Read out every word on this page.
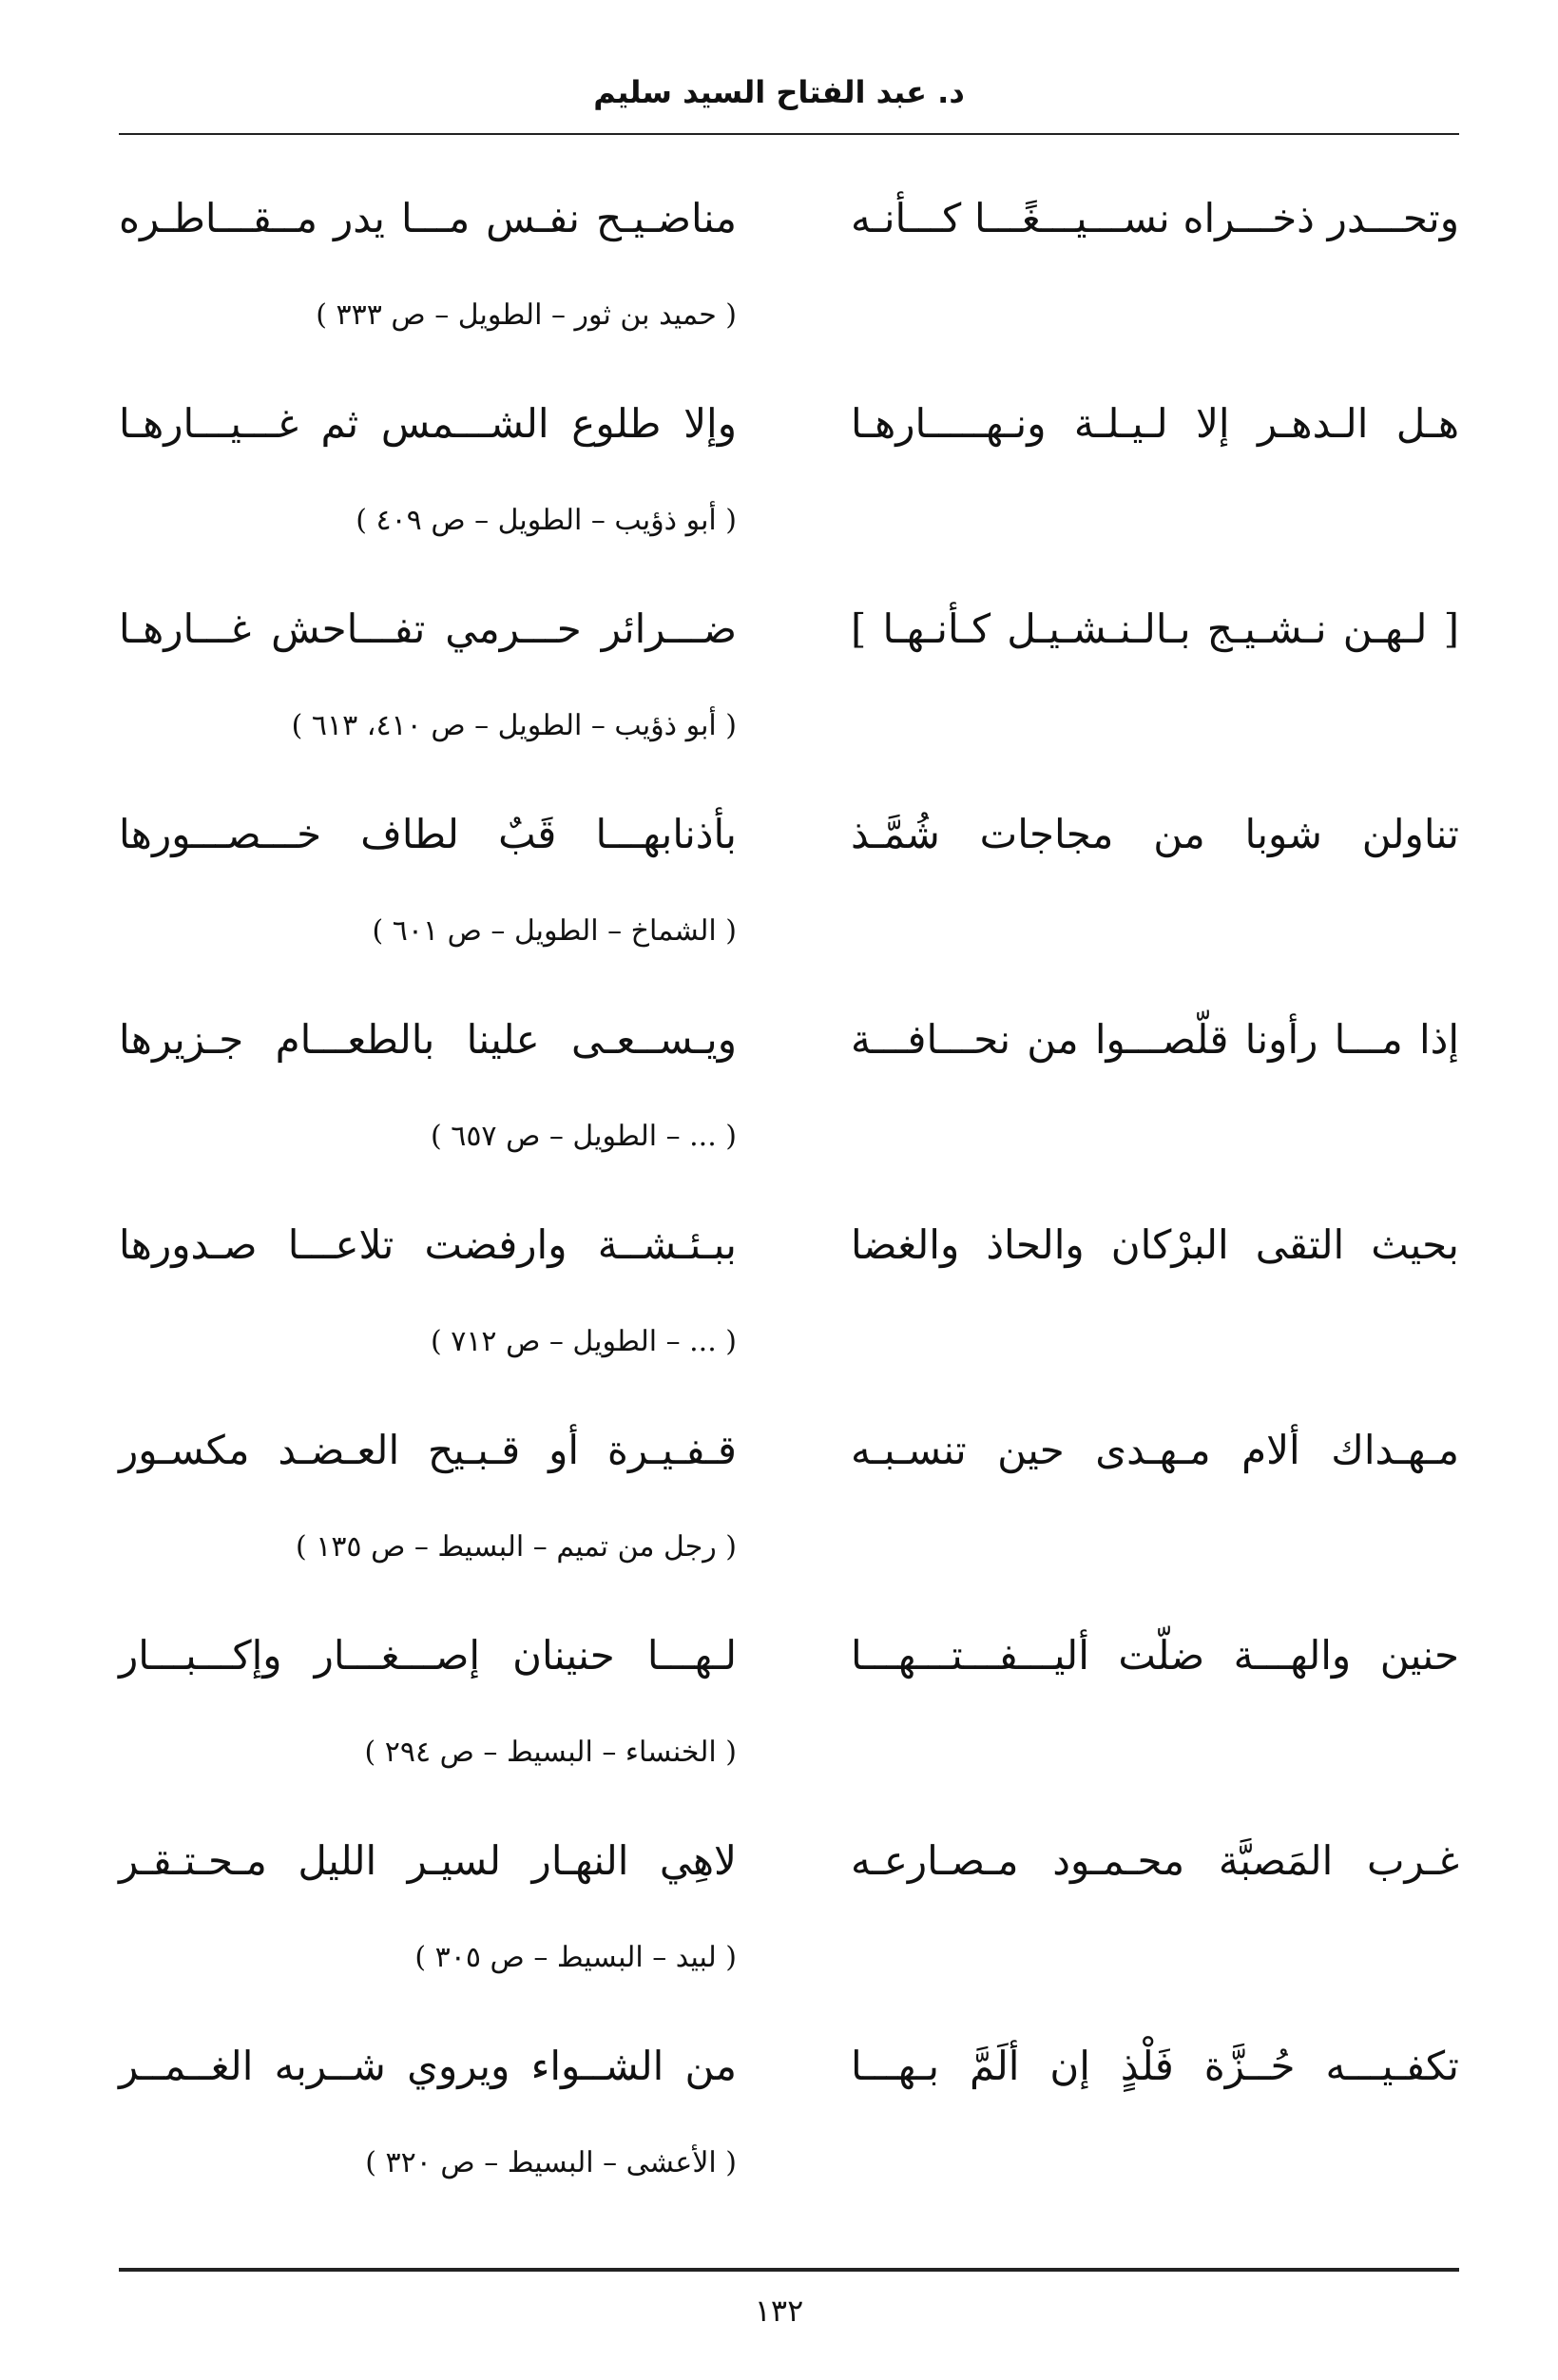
د. عبد الفتاح السيد سليم
وتحـــدر ذخـــراه نســـيـــغًـــا كـــأنـه
مناضـيـح نفـس مـــا يدر مــقـــاطـره
( حميد بن ثور – الطويل – ص ٣٣٣ )
هـل الـدهـر إلا لـيـلـة ونـهـــــارهـا
وإلا طلوع الشـــمس ثم غـــيـــارهـا
( أبو ذؤيب – الطويل – ص ٤٠٩ )
[ لـهـن نـشـيـج بـالـنـشـيـل كـأنـهـا ]
ضـــرائر حـــرمي تفـــاحش غـــارهـا
( أبو ذؤيب – الطويل – ص ٤١٠، ٦١٣ )
تناولن شوبا من مجاجات شُمَّـذ
بأذنابهـــا قَبٌ لطاف خـــصـــورها
( الشماخ – الطويل – ص ٦٠١ )
إذا مـــا رأونا قلّصـــوا من نحـــافـــة
ويـســعـى علينا بالطعـــام جـزيرها
( ... – الطويل – ص ٦٥٧ )
بحيث التقى البرْكان والحاذ والغضا
ببـئـشــة وارفضت تلاعـــا صـدورها
( ... – الطويل – ص ٧١٢ )
مـهـداك ألام مـهـدى حين تنسـبـه
قـفـيـرة أو قـبـيح العـضـد مكسـور
( رجل من تميم – البسيط – ص ١٣٥ )
حنين والهـــة ضلّت أليـــفـــتـــهـــا
لـهـــا حنينان إصـــغـــار وإكـــبـــار
( الخنساء – البسيط – ص ٢٩٤ )
غـرب المَصبَّة محـمـود مـصـارعـه
لاهِي النهـار لسيـر الليل مـحـتـقـر
( لبيد – البسيط – ص ٣٠٥ )
تكفـيـــه حُــزَّة فَلْذٍ إن ألَمَّ بـهـــا
من الشــواء ويروي شــربه الغــمــر
( الأعشى – البسيط – ص ٣٢٠ )
١٣٢
